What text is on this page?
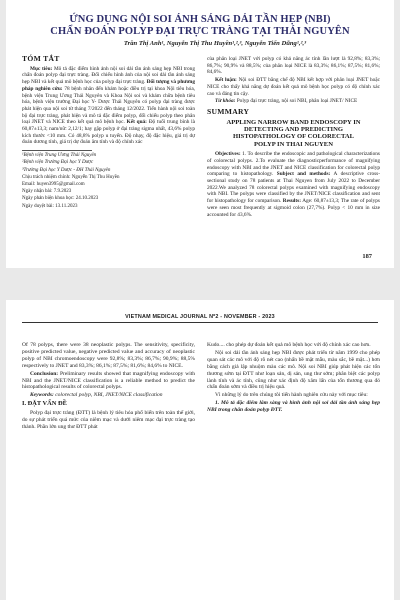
ỨNG DỤNG NỘI SOI ÁNH SÁNG DẢI TẦN HẸP (NBI)
CHẨN ĐOÁN POLYP ĐẠI TRỰC TRÀNG TẠI THÁI NGUYÊN
Trần Thị Anh¹, Nguyễn Thị Thu Huyền¹,²,³, Nguyễn Tiến Dũng¹,²,³
TÓM TẮT

Mục tiêu: Mô tả đặc điểm hình ảnh nội soi dải tần ánh sáng hẹp NBI trong chẩn đoán polyp đại trực tràng. Đối chiếu hình ảnh của nội soi dải tần ánh sáng hẹp NBI và kết quả mô bệnh học của polyp đại trực tràng. Đối tượng và phương pháp nghiên cứu: 78 bệnh nhân đến khám hoặc điều trị tại khoa Nội tiêu hóa, bệnh viện Trung Ương Thái Nguyên và Khoa Nội soi và khám chữa bệnh tiêu hóa, bệnh viện trường Đại học Y- Dược Thái Nguyên có polyp đại tràng được phát hiện qua nội soi từ tháng 7/2022 đến tháng 12/2022. Tiến hành nội soi toàn bộ đại trực tràng, phát hiện và mô tả đặc điểm polyp, đối chiếu polyp theo phân loại JNET và NICE theo kết quả mô bệnh học. Kết quả: Độ tuổi trung bình là 60,87±13,3; nam/nữ: 2,12/1; hay gặp polyp ở đại tràng sigma nhất, 43,6% polyp kích thước <10 mm. Có 48,8% polyp u tuyến. Độ nhạy, độ đặc hiệu, giá trị dự đoán dương tính, giá trị dự đoán âm tính và độ chính xác

¹Bệnh viện Trung Ương Thái Nguyên

²Bệnh viện Trường Đại học Y Dược

³Trường Đại học Y Dược - ĐH Thái Nguyên

Chịu trách nhiệm chính: Nguyễn Thị Thu Huyền

Email: huyen3995@gmail.com

Ngày nhận bài: 7.9.2023

Ngày phản biện khoa học: 24.10.2023

Ngày duyệt bài: 13.11.2023

của phân loại JNET với polyp có khả năng ác tính lần lượt là 92,8%; 83,3%; 86,7%; 90,9% và 88,5%; của phân loại NICE là 83,3%; 86,1%; 87,5%; 81,6%; 84,6%.

Kết luận: Nội soi ĐTT bằng chế độ NBI kết hợp với phân loại JNET hoặc NICE cho thấy khả năng dự đoán kết quả mô bệnh học polyp có độ chính xác cao và đáng tin cậy.

Từ khóa: Polyp đại trực tràng, nội soi NBI, phân loại JNET/ NICE

SUMMARY
APPLING NARROW BAND ENDOSCOPY IN
DETECTING AND PREDICTING
HISTOPATHOLOGY OF COLORECTAL
POLYP IN THAI NGUYEN

Objectives: 1. To describe the endoscopic and pathological characterizations of colorectal polyps. 2.To evaluate the diagnosticperformance of magnifying endoscopy with NBI and the JNET and NICE classification for colorectal polyp comparing to histopathology. Subject and methods: A descriptive cross-sectional study on 78 patients at Thai Nguyen from July 2022 to December 2022.We analyzed 78 colorectal polyps examined with magnifying endoscopy with NBI. The polyps were classified by the JNET/NICE classification and sent for histopathology for comparison. Results: Age: 60,87±13,3; The rate of polyps were seen most frequently at sigmoid colon (27,7%). Polyp < 10 mm in size accounted for 43,6%.

187
VIETNAM MEDICAL JOURNAL Nº2 - NOVEMBER - 2023

Of 78 polyps, there were 38 neoplastic polyps. The sensitivity, specificity, positive predicted value, negative predicted value and accuracy of neoplastic polyp of NBI chromoendoscopy were 92,8%; 83,3%; 86,7%; 90,9%; 88,5% respectively to JNET and 83,3%; 86,1%; 87,5%; 81,6%; 84,6% to NICE.

Conclusion: Preliminary results showed that magnifying endoscopy with NBI and the JNET/NICE classification is a reliable method to predict the histopathological results of colorectal polyps.

Keywords: colorectal polyp, NBI, JNET/NICE classification

I. ĐẶT VẤN ĐỀ

Polyp đại trực tràng (ĐTT) là bệnh lý tiêu hóa phổ biến trên toàn thế giới, do sự phát triển quá mức của niêm mạc và dưới niêm mạc đại trực tràng tạo thành. Phần lớn ung thư ĐTT phát

Kudo.... cho phép dự đoán kết quả mô bệnh học với độ chính xác cao hơn.

Nội soi dải tần ánh sáng hẹp NBI được phát triển từ năm 1999 cho phép quan sát các mô với độ rõ nét cao (nhấn bề mặt mẫu, màu sắc, bề mặt...) hơn bằng cách giả lập nhuộm màu các mô. Nội soi NBI giúp phát hiện các tổn thương sớm tại ĐTT như loạn sản, dị sản, ung thư sớm; phân biệt các polyp lành tính và ác tính, cũng như xác định độ xâm lấn của tổn thương qua đó chẩn đoán sớm và điều trị hiệu quả.

Vì những lý do trên chúng tôi tiến hành nghiên cứu này với mục tiêu:

1. Mô tả đặc điểm lâm sàng và hình ảnh nội soi dải tần ánh sáng hẹp NBI trong chẩn đoán polyp ĐTT.
